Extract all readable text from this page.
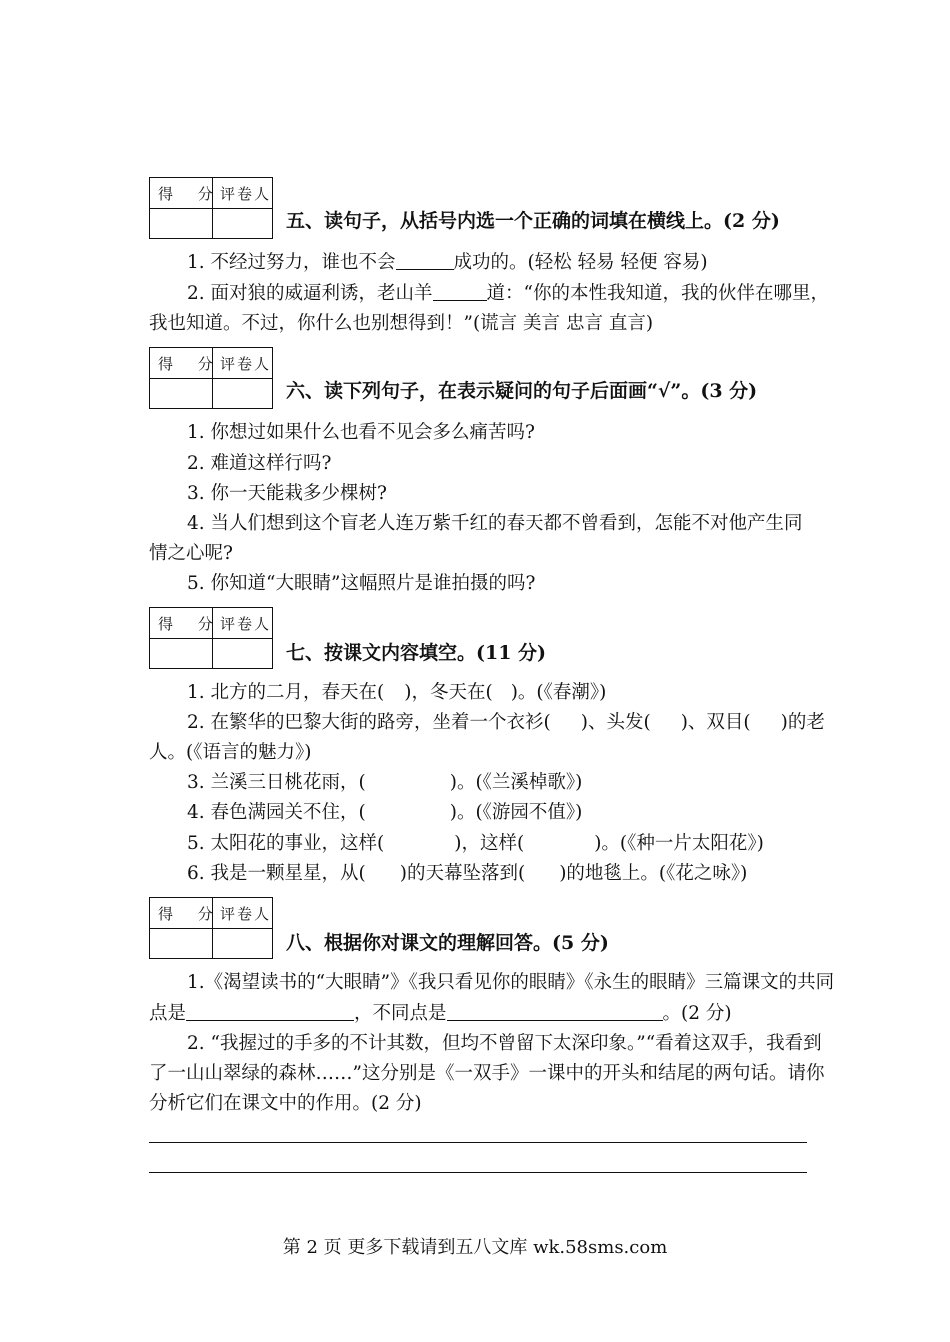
得 分
评卷人
五、读句子，从括号内选一个正确的词填在横线上。(2 分)
1. 不经过努力，谁也不会	成功的。(轻松 轻易 轻便 容易)
2. 面对狼的威逼利诱，老山羊	道：“你的本性我知道，我的伙伴在哪里，
我也知道。不过，你什么也别想得到！”(谎言 美言 忠言 直言)
得 分
评卷人
六、读下列句子，在表示疑问的句子后面画“√”。(3 分)
1. 你想过如果什么也看不见会多么痛苦吗?
2. 难道这样行吗?
3. 你一天能栽多少棵树?
4. 当人们想到这个盲老人连万紫千红的春天都不曾看到，怎能不对他产生同
情之心呢?
5. 你知道“大眼睛”这幅照片是谁拍摄的吗?
得 分
评卷人
七、按课文内容填空。(11 分)
1. 北方的二月，春天在( )，冬天在( )。(《春潮》)
2. 在繁华的巴黎大街的路旁，坐着一个衣衫( )、头发( )、双目( )的老
人。(《语言的魅力》)
3. 兰溪三日桃花雨，(	)。(《兰溪棹歌》)
4. 春色满园关不住，(	)。(《游园不值》)
5. 太阳花的事业，这样(	)，这样(	)。(《种一片太阳花》)
6. 我是一颗星星，从( )的天幕坠落到( )的地毯上。(《花之咏》)
得 分
评卷人
八、根据你对课文的理解回答。(5 分)
1.《渴望读书的“大眼睛”》《我只看见你的眼睛》《永生的眼睛》三篇课文的共同
点是	，不同点是	。(2 分)
2. “我握过的手多的不计其数，但均不曾留下太深印象。”“看着这双手，我看到
了一山山翠绿的森林……”这分别是《一双手》一课中的开头和结尾的两句话。请你
分析它们在课文中的作用。(2 分)
第 2 页 更多下载请到五八文库 wk.58sms.com
